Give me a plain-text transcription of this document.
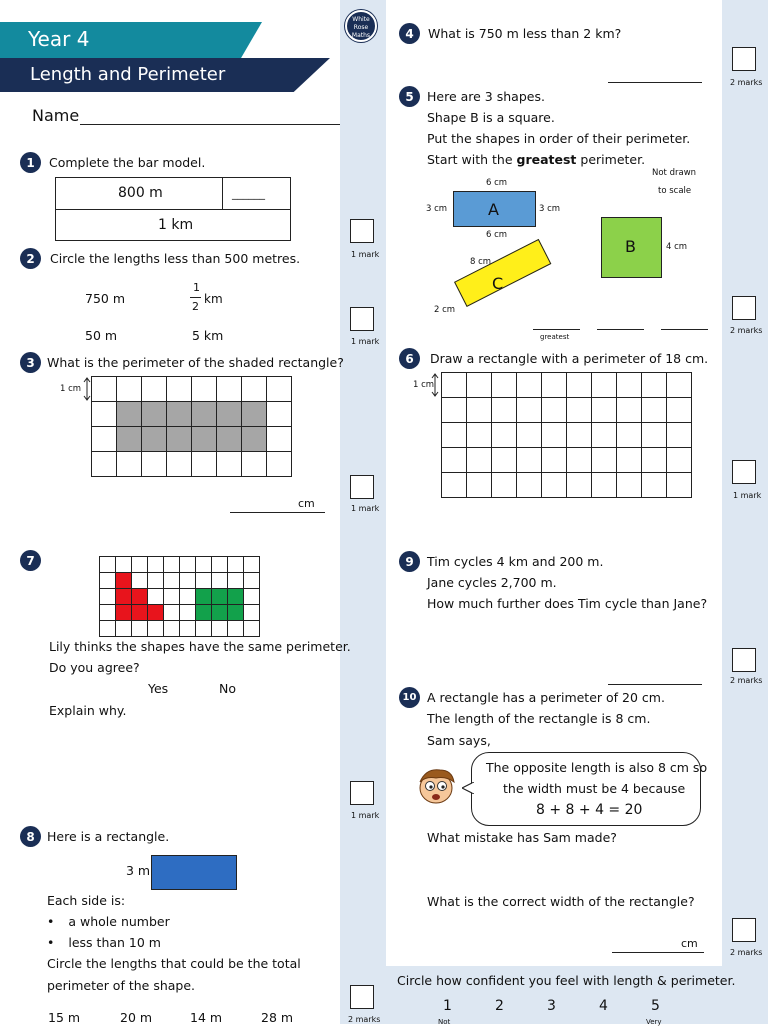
Year 4
Length and Perimeter
White
Rose
Maths
Name
1	Complete the bar model.
800 m	______
1 km
1 mark
2	Circle the lengths less than 500 metres.
750 m
1
2
km
50 m	5 km	1 mark
3 What is the perimeter of the shaded rectangle?
1 cm

cm	1 mark
4	What is 750 m less than 2 km?
2 marks
5	Here are 3 shapes.
Shape B is a square.
Put the shapes in order of their perimeter.
Start with the greatest perimeter.
Not drawn
to scale
6 cm
A
3 cm	3 cm
6 cm
B	4 cm
C
8 cm
2 cm
greatest
2 marks
6	Draw a rectangle with a perimeter of 18 cm.
1 cm

1 mark
7

Lily thinks the shapes have the same perimeter.
Do you agree?
Yes	No
Explain why.
1 mark
8 Here is a rectangle.
3 m
Each side is:
• a whole number
• less than 10 m
Circle the lengths that could be the total
perimeter of the shape.
15 m	20 m	14 m	28 m	2 marks
9	Tim cycles 4 km and 200 m.
Jane cycles 2,700 m.
How much further does Tim cycle than Jane?
2 marks
10 A rectangle has a perimeter of 20 cm.
The length of the rectangle is 8 cm.
Sam says,
The opposite length is also 8 cm so
the width must be 4 because
8 + 8 + 4 = 20
What mistake has Sam made?
What is the correct width of the rectangle?
cm
2 marks
Circle how confident you feel with length & perimeter.
1	2	3	4	5
Not	Very
